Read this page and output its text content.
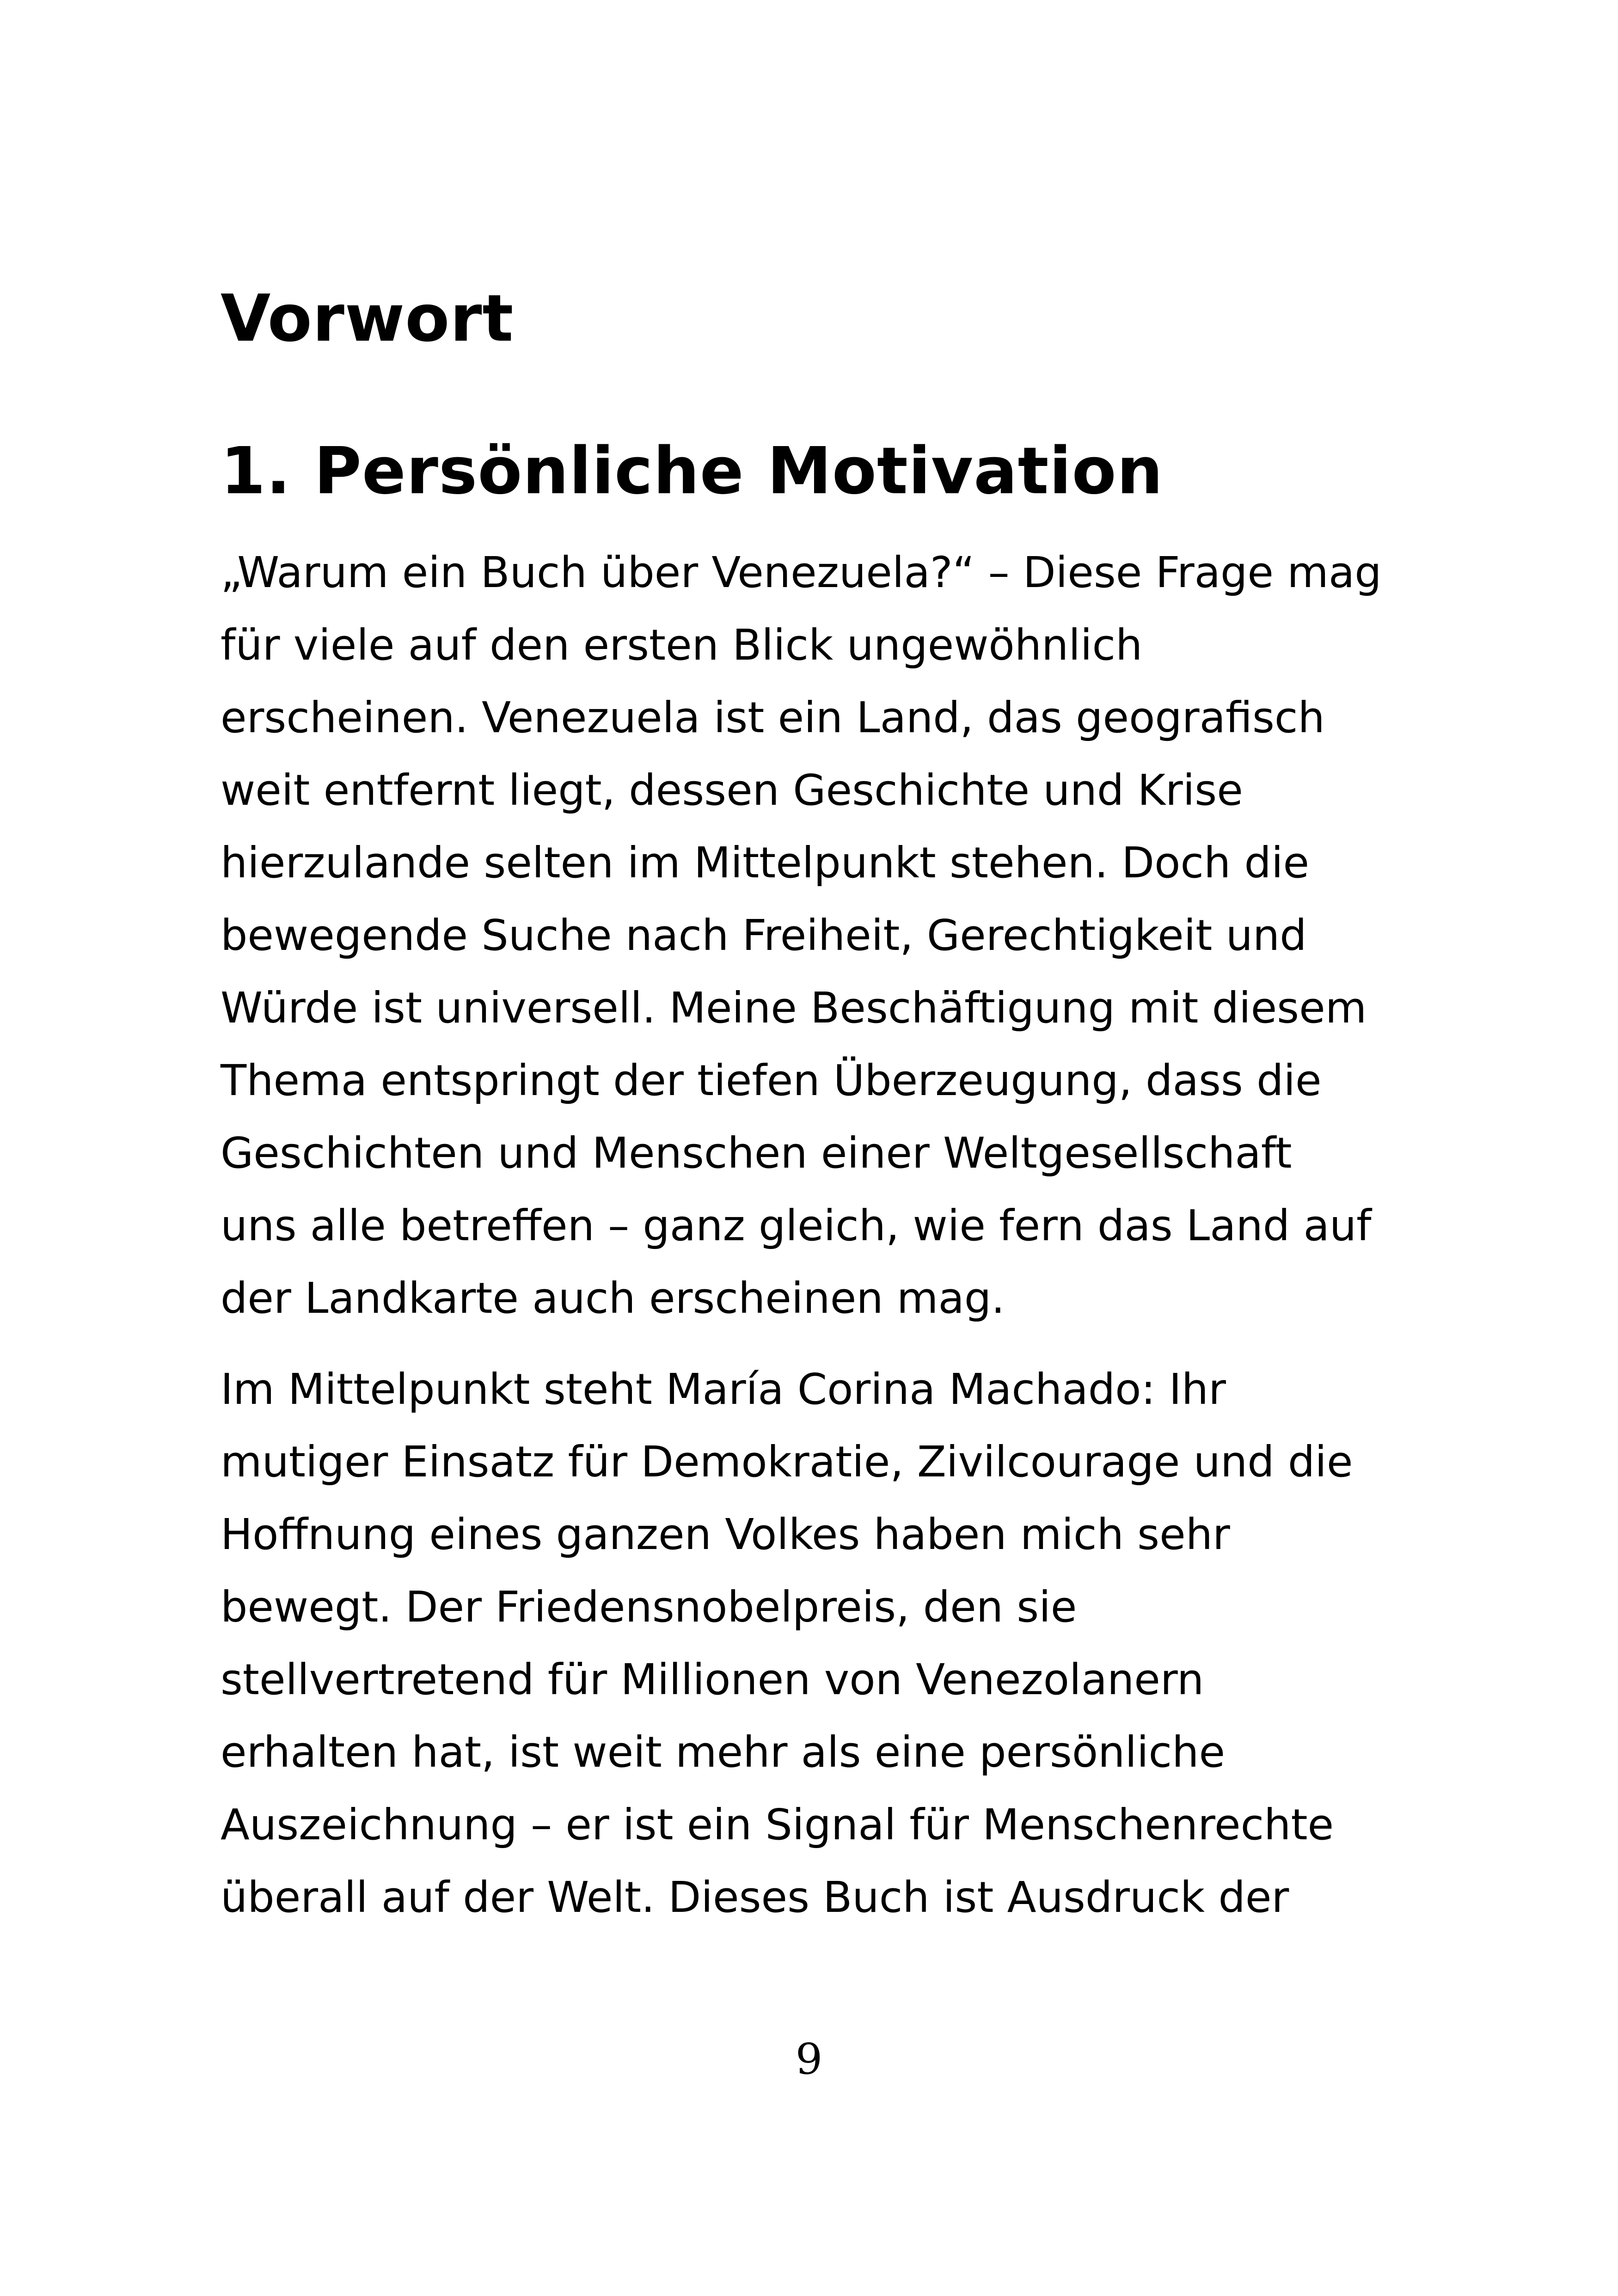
Vorwort
1. Persönliche Motivation

„Warum ein Buch über Venezuela?“ – Diese Frage mag
für viele auf den ersten Blick ungewöhnlich
erscheinen. Venezuela ist ein Land, das geografisch
weit entfernt liegt, dessen Geschichte und Krise
hierzulande selten im Mittelpunkt stehen. Doch die
bewegende Suche nach Freiheit, Gerechtigkeit und
Würde ist universell. Meine Beschäftigung mit diesem
Thema entspringt der tiefen Überzeugung, dass die
Geschichten und Menschen einer Weltgesellschaft
uns alle betreffen – ganz gleich, wie fern das Land auf
der Landkarte auch erscheinen mag.

Im Mittelpunkt steht María Corina Machado: Ihr
mutiger Einsatz für Demokratie, Zivilcourage und die
Hoffnung eines ganzen Volkes haben mich sehr
bewegt. Der Friedensnobelpreis, den sie
stellvertretend für Millionen von Venezolanern
erhalten hat, ist weit mehr als eine persönliche
Auszeichnung – er ist ein Signal für Menschenrechte
überall auf der Welt. Dieses Buch ist Ausdruck der

9
